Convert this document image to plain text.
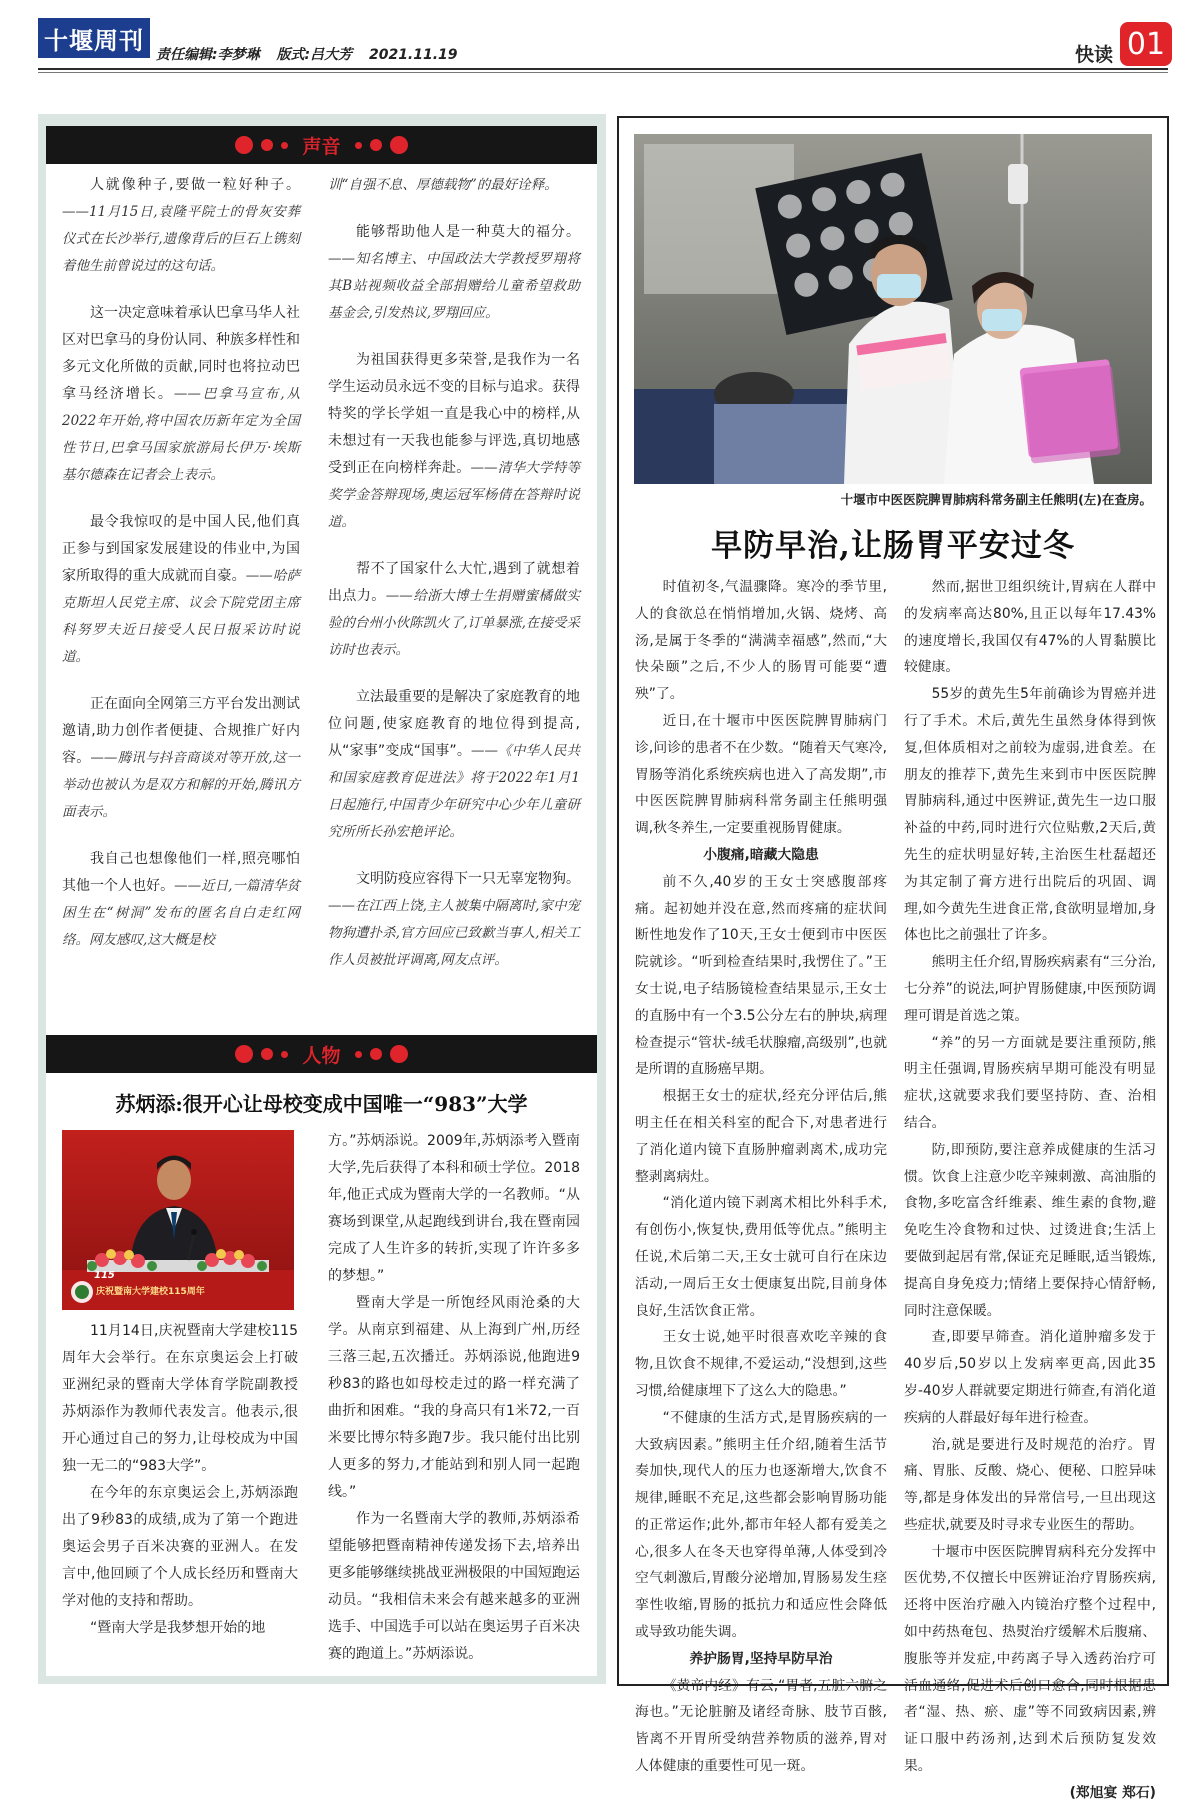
十堰周刊
责任编辑:李梦琳 版式:吕大芳 2021.11.19	快读 01
声音

人就像种子,要做一粒好种子。——11月15日,袁隆平院士的骨灰安葬仪式在长沙举行,遗像背后的巨石上镌刻着他生前曾说过的这句话。

这一决定意味着承认巴拿马华人社区对巴拿马的身份认同、种族多样性和多元文化所做的贡献,同时也将拉动巴拿马经济增长。——巴拿马宣布,从2022年开始,将中国农历新年定为全国性节日,巴拿马国家旅游局长伊万·埃斯基尔德森在记者会上表示。

最令我惊叹的是中国人民,他们真正参与到国家发展建设的伟业中,为国家所取得的重大成就而自豪。——哈萨克斯坦人民党主席、议会下院党团主席科努罗夫近日接受人民日报采访时说道。

正在面向全网第三方平台发出测试邀请,助力创作者便捷、合规推广好内容。——腾讯与抖音商谈对等开放,这一举动也被认为是双方和解的开始,腾讯方面表示。

我自己也想像他们一样,照亮哪怕其他一个人也好。——近日,一篇清华贫困生在“树洞”发布的匿名自白走红网络。网友感叹,这大概是校

训“自强不息、厚德载物”的最好诠释。

能够帮助他人是一种莫大的福分。——知名博主、中国政法大学教授罗翔将其B站视频收益全部捐赠给儿童希望救助基金会,引发热议,罗翔回应。

为祖国获得更多荣誉,是我作为一名学生运动员永远不变的目标与追求。获得特奖的学长学姐一直是我心中的榜样,从未想过有一天我也能参与评选,真切地感受到正在向榜样奔赴。——清华大学特等奖学金答辩现场,奥运冠军杨倩在答辩时说道。

帮不了国家什么大忙,遇到了就想着出点力。——给浙大博士生捐赠蜜橘做实验的台州小伙陈凯火了,订单暴涨,在接受采访时也表示。

立法最重要的是解决了家庭教育的地位问题,使家庭教育的地位得到提高,从“家事”变成“国事”。——《中华人民共和国家庭教育促进法》将于2022年1月1日起施行,中国青少年研究中心少年儿童研究所所长孙宏艳评论。

文明防疫应容得下一只无辜宠物狗。——在江西上饶,主人被集中隔离时,家中宠物狗遭扑杀,官方回应已致歉当事人,相关工作人员被批评调离,网友点评。

人物
苏炳添:很开心让母校变成中国唯一“983”大学
庆祝暨南大学建校115周年
115

11月14日,庆祝暨南大学建校115周年大会举行。在东京奥运会上打破亚洲纪录的暨南大学体育学院副教授苏炳添作为教师代表发言。他表示,很开心通过自己的努力,让母校成为中国独一无二的“983大学”。

在今年的东京奥运会上,苏炳添跑出了9秒83的成绩,成为了第一个跑进奥运会男子百米决赛的亚洲人。在发言中,他回顾了个人成长经历和暨南大学对他的支持和帮助。

“暨南大学是我梦想开始的地

方。”苏炳添说。2009年,苏炳添考入暨南大学,先后获得了本科和硕士学位。2018年,他正式成为暨南大学的一名教师。“从赛场到课堂,从起跑线到讲台,我在暨南园完成了人生许多的转折,实现了许许多多的梦想。”

暨南大学是一所饱经风雨沧桑的大学。从南京到福建、从上海到广州,历经三落三起,五次播迁。苏炳添说,他跑进9秒83的路也如母校走过的路一样充满了曲折和困难。“我的身高只有1米72,一百米要比博尔特多跑7步。我只能付出比别人更多的努力,才能站到和别人同一起跑线。”

作为一名暨南大学的教师,苏炳添希望能够把暨南精神传递发扬下去,培养出更多能够继续挑战亚洲极限的中国短跑运动员。“我相信未来会有越来越多的亚洲选手、中国选手可以站在奥运男子百米决赛的跑道上。”苏炳添说。

十堰市中医医院脾胃肺病科常务副主任熊明(左)在查房。
早防早治,让肠胃平安过冬

时值初冬,气温骤降。寒冷的季节里,人的食欲总在悄悄增加,火锅、烧烤、高汤,是属于冬季的“满满幸福感”,然而,“大快朵颐”之后,不少人的肠胃可能要“遭殃”了。

近日,在十堰市中医医院脾胃肺病门诊,问诊的患者不在少数。“随着天气寒冷,胃肠等消化系统疾病也进入了高发期”,市中医医院脾胃肺病科常务副主任熊明强调,秋冬养生,一定要重视肠胃健康。

小腹痛,暗藏大隐患

前不久,40岁的王女士突感腹部疼痛。起初她并没在意,然而疼痛的症状间断性地发作了10天,王女士便到市中医医院就诊。“听到检查结果时,我愣住了。”王女士说,电子结肠镜检查结果显示,王女士的直肠中有一个3.5公分左右的肿块,病理检查提示“管状-绒毛状腺瘤,高级别”,也就是所谓的直肠癌早期。

根据王女士的症状,经充分评估后,熊明主任在相关科室的配合下,对患者进行了消化道内镜下直肠肿瘤剥离术,成功完整剥离病灶。

“消化道内镜下剥离术相比外科手术,有创伤小,恢复快,费用低等优点。”熊明主任说,术后第二天,王女士就可自行在床边活动,一周后王女士便康复出院,目前身体良好,生活饮食正常。

王女士说,她平时很喜欢吃辛辣的食物,且饮食不规律,不爱运动,“没想到,这些习惯,给健康埋下了这么大的隐患。”

“不健康的生活方式,是胃肠疾病的一大致病因素。”熊明主任介绍,随着生活节奏加快,现代人的压力也逐渐增大,饮食不规律,睡眠不充足,这些都会影响胃肠功能的正常运作;此外,都市年轻人都有爱美之心,很多人在冬天也穿得单薄,人体受到冷空气刺激后,胃酸分泌增加,胃肠易发生痉挛性收缩,胃肠的抵抗力和适应性会降低或导致功能失调。

养护肠胃,坚持早防早治

《黄帝内经》有云,“胃者,五脏六腑之海也。”无论脏腑及诸经奇脉、肢节百骸,皆离不开胃所受纳营养物质的滋养,胃对人体健康的重要性可见一斑。

然而,据世卫组织统计,胃病在人群中的发病率高达80%,且正以每年17.43%的速度增长,我国仅有47%的人胃黏膜比较健康。

55岁的黄先生5年前确诊为胃癌并进行了手术。术后,黄先生虽然身体得到恢复,但体质相对之前较为虚弱,进食差。在朋友的推荐下,黄先生来到市中医医院脾胃肺病科,通过中医辨证,黄先生一边口服补益的中药,同时进行穴位贴敷,2天后,黄先生的症状明显好转,主治医生杜磊超还为其定制了膏方进行出院后的巩固、调理,如今黄先生进食正常,食欲明显增加,身体也比之前强壮了许多。

熊明主任介绍,胃肠疾病素有“三分治,七分养”的说法,呵护胃肠健康,中医预防调理可谓是首选之策。

“养”的另一方面就是要注重预防,熊明主任强调,胃肠疾病早期可能没有明显症状,这就要求我们要坚持防、查、治相结合。

防,即预防,要注意养成健康的生活习惯。饮食上注意少吃辛辣刺激、高油脂的食物,多吃富含纤维素、维生素的食物,避免吃生冷食物和过快、过烫进食;生活上要做到起居有常,保证充足睡眠,适当锻炼,提高自身免疫力;情绪上要保持心情舒畅,同时注意保暖。

查,即要早筛查。消化道肿瘤多发于40岁后,50岁以上发病率更高,因此35岁-40岁人群就要定期进行筛查,有消化道疾病的人群最好每年进行检查。

治,就是要进行及时规范的治疗。胃痛、胃胀、反酸、烧心、便秘、口腔异味等,都是身体发出的异常信号,一旦出现这些症状,就要及时寻求专业医生的帮助。

十堰市中医医院脾胃病科充分发挥中医优势,不仅擅长中医辨证治疗胃肠疾病,还将中医治疗融入内镜治疗整个过程中,如中药热奄包、热熨治疗缓解术后腹痛、腹胀等并发症,中药离子导入透药治疗可活血通络,促进术后创口愈合,同时根据患者“湿、热、瘀、虚”等不同致病因素,辨证口服中药汤剂,达到术后预防复发效果。

(郑旭宴 郑石)
